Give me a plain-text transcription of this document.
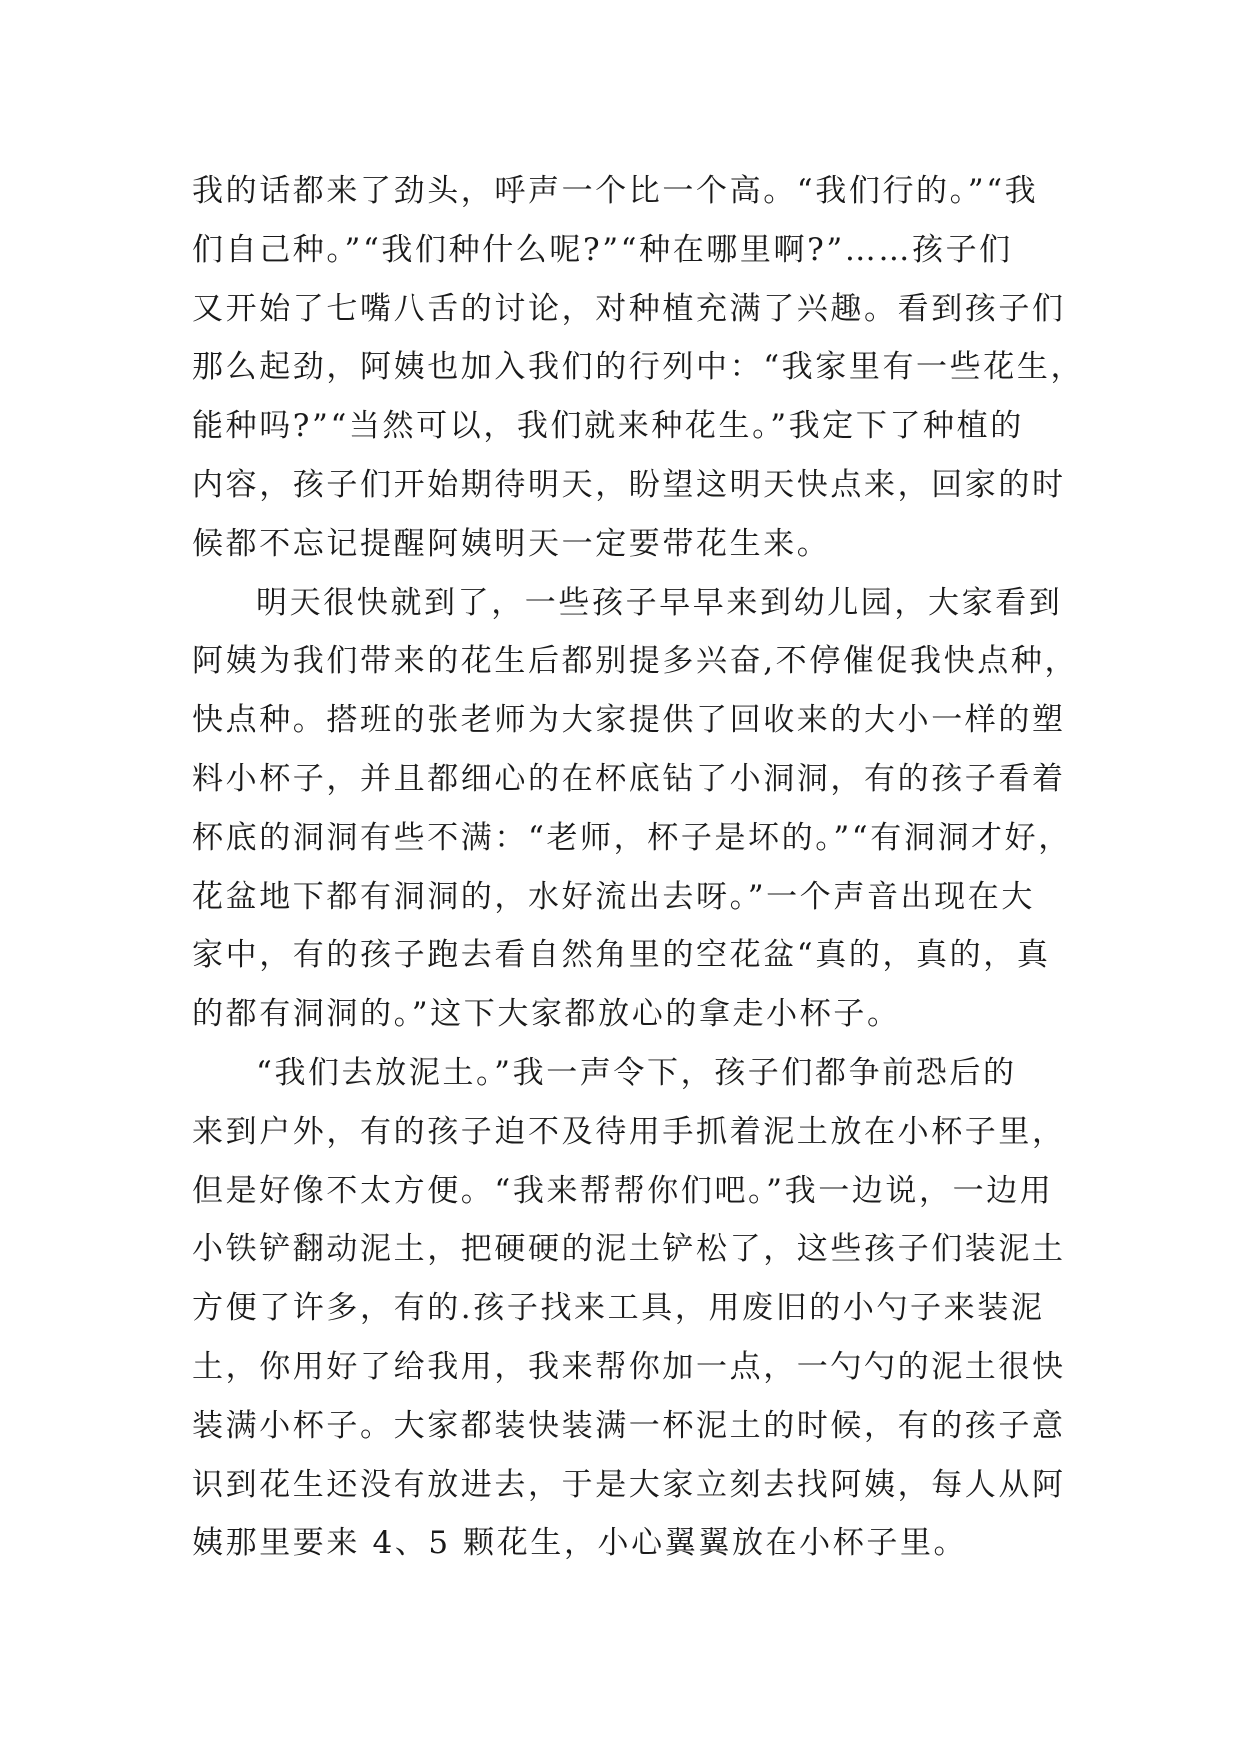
我的话都来了劲头，呼声一个比一个高。“我们行的。”“我
们自己种。”“我们种什么呢?”“种在哪里啊?”……孩子们
又开始了七嘴八舌的讨论，对种植充满了兴趣。看到孩子们
那么起劲，阿姨也加入我们的行列中：“我家里有一些花生，
能种吗?”“当然可以，我们就来种花生。”我定下了种植的
内容，孩子们开始期待明天，盼望这明天快点来，回家的时
候都不忘记提醒阿姨明天一定要带花生来。

明天很快就到了，一些孩子早早来到幼儿园，大家看到
阿姨为我们带来的花生后都别提多兴奋,不停催促我快点种，
快点种。搭班的张老师为大家提供了回收来的大小一样的塑
料小杯子，并且都细心的在杯底钻了小洞洞，有的孩子看着
杯底的洞洞有些不满：“老师，杯子是坏的。”“有洞洞才好，
花盆地下都有洞洞的，水好流出去呀。”一个声音出现在大
家中，有的孩子跑去看自然角里的空花盆“真的，真的，真
的都有洞洞的。”这下大家都放心的拿走小杯子。

“我们去放泥土。”我一声令下，孩子们都争前恐后的
来到户外，有的孩子迫不及待用手抓着泥土放在小杯子里，
但是好像不太方便。“我来帮帮你们吧。”我一边说，一边用
小铁铲翻动泥土，把硬硬的泥土铲松了，这些孩子们装泥土
方便了许多，有的.孩子找来工具，用废旧的小勺子来装泥
土，你用好了给我用，我来帮你加一点，一勺勺的泥土很快
装满小杯子。大家都装快装满一杯泥土的时候，有的孩子意
识到花生还没有放进去，于是大家立刻去找阿姨，每人从阿
姨那里要来 4、5 颗花生，小心翼翼放在小杯子里。
